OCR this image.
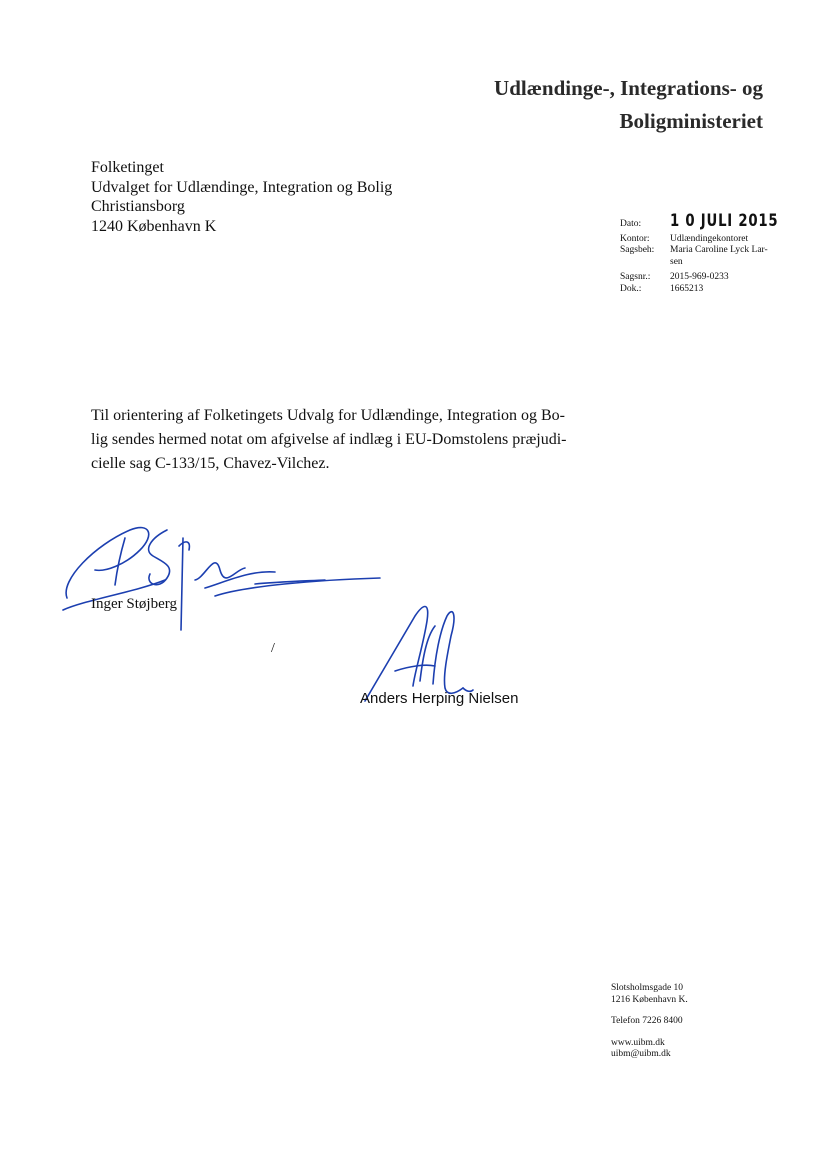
Udlændinge-, Integrations- og
Boligministeriet
Folketinget
Udvalget for Udlændinge, Integration og Bolig
Christiansborg
1240 København K	Dato:	1 0 JULI 2015
Kontor:	Udlændingekontoret
Sagsbeh:	Maria Caroline Lyck Lar-
sen
Sagsnr.:	2015-969-0233
Dok.:	1665213
Til orientering af Folketingets Udvalg for Udlændinge, Integration og Bo-
lig sendes hermed notat om afgivelse af indlæg i EU-Domstolens præjudi-
cielle sag C-133/15, Chavez-Vilchez.
Inger Støjberg
/
Anders Herping Nielsen
Slotsholmsgade 10
1216 København K.
Telefon 7226 8400
www.uibm.dk
uibm@uibm.dk
